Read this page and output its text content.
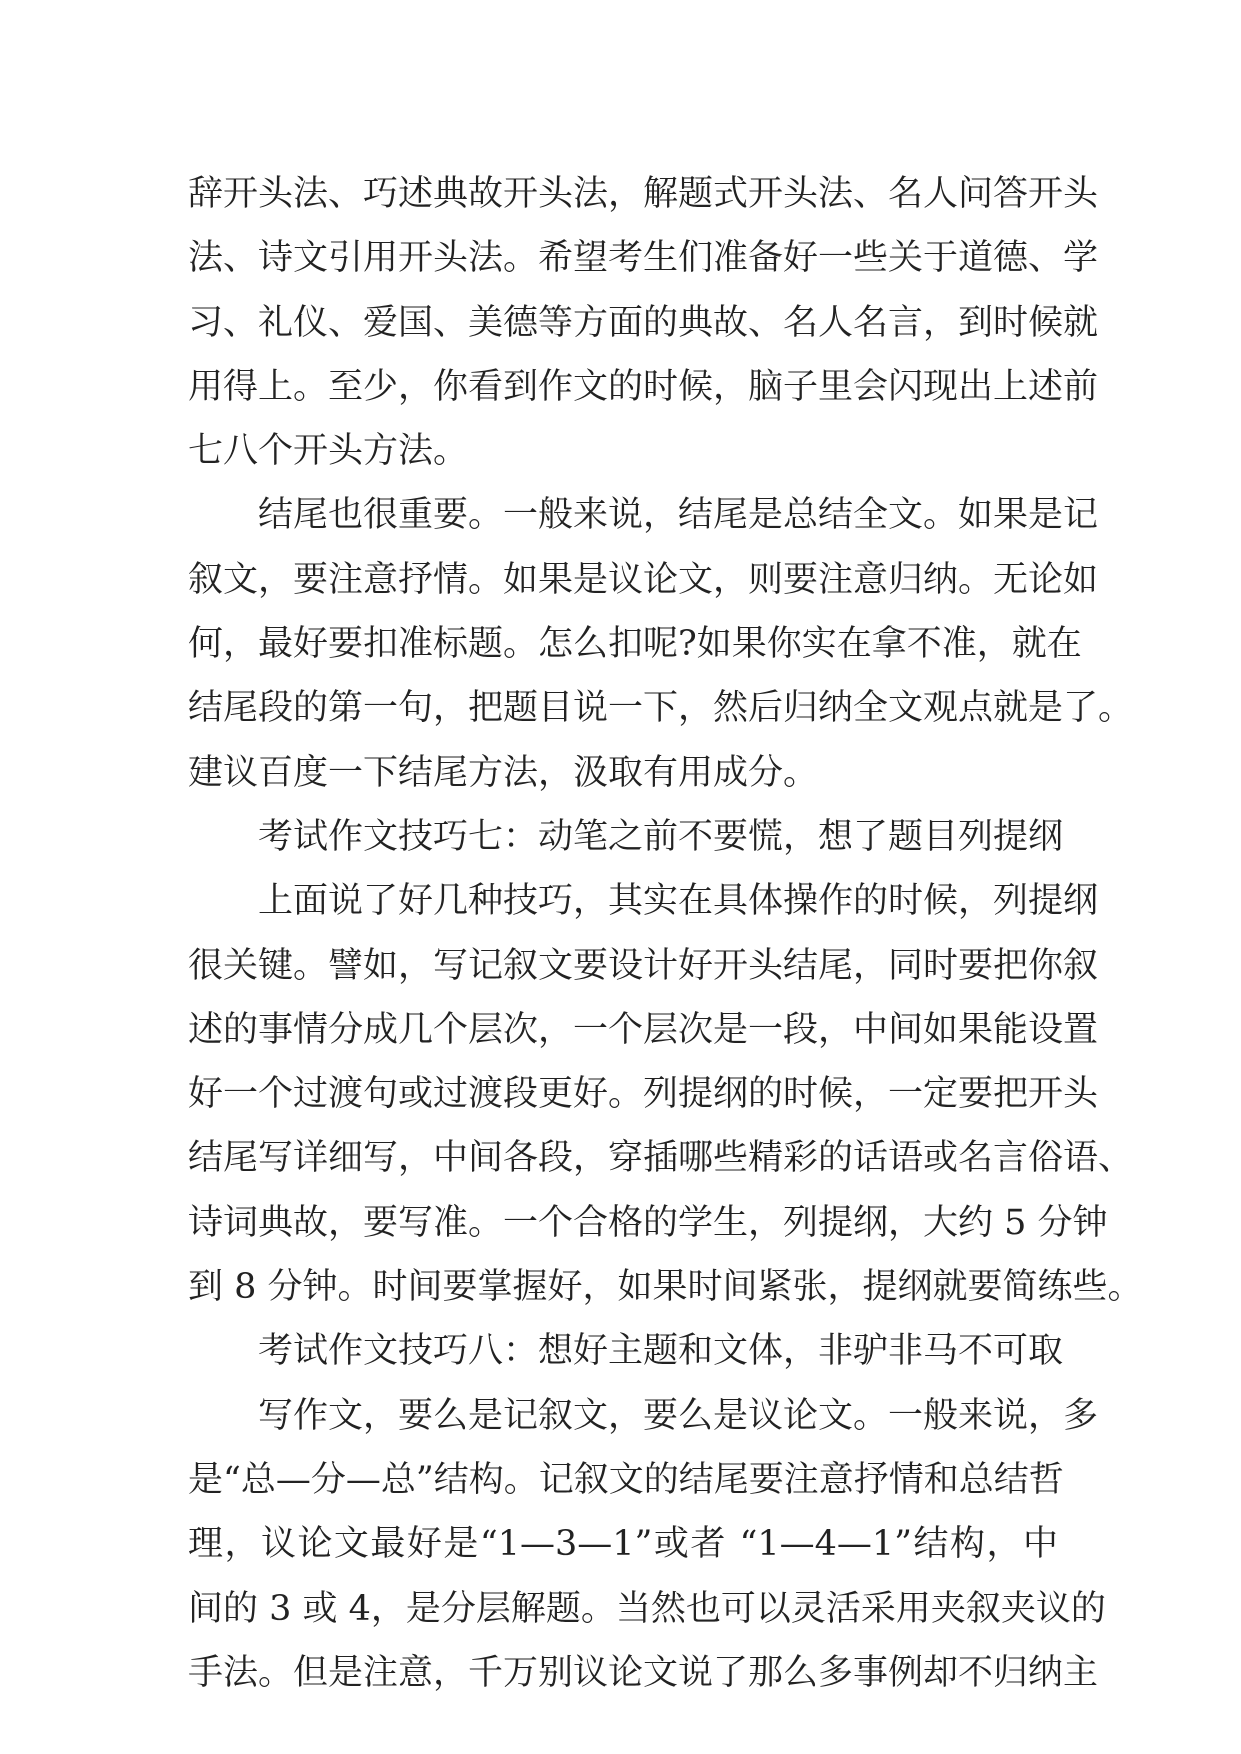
辞开头法、巧述典故开头法，解题式开头法、名人问答开头
法、诗文引用开头法。希望考生们准备好一些关于道德、学
习、礼仪、爱国、美德等方面的典故、名人名言，到时候就
用得上。至少，你看到作文的时候，脑子里会闪现出上述前
七八个开头方法。
结尾也很重要。一般来说，结尾是总结全文。如果是记
叙文，要注意抒情。如果是议论文，则要注意归纳。无论如
何，最好要扣准标题。怎么扣呢?如果你实在拿不准，就在
结尾段的第一句，把题目说一下，然后归纳全文观点就是了。
建议百度一下结尾方法，汲取有用成分。
考试作文技巧七：动笔之前不要慌，想了题目列提纲
上面说了好几种技巧，其实在具体操作的时候，列提纲
很关键。譬如，写记叙文要设计好开头结尾，同时要把你叙
述的事情分成几个层次，一个层次是一段，中间如果能设置
好一个过渡句或过渡段更好。列提纲的时候，一定要把开头
结尾写详细写，中间各段，穿插哪些精彩的话语或名言俗语、
诗词典故，要写准。一个合格的学生，列提纲，大约 5 分钟
到 8 分钟。时间要掌握好，如果时间紧张，提纲就要简练些。
考试作文技巧八：想好主题和文体，非驴非马不可取
写作文，要么是记叙文，要么是议论文。一般来说，多
是“总—分—总”结构。记叙文的结尾要注意抒情和总结哲
理，议论文最好是“1—3—1”或者 “1—4—1”结构，中
间的 3 或 4，是分层解题。当然也可以灵活采用夹叙夹议的
手法。但是注意，千万别议论文说了那么多事例却不归纳主
